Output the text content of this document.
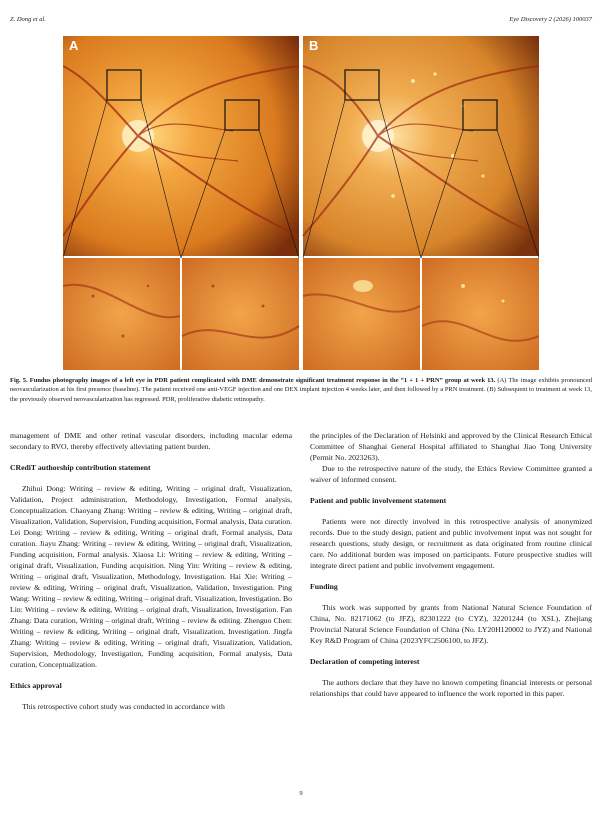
Z. Dong et al.	Eye Discovery 2 (2026) 100037
A	B
Fig. 5. Fundus photography images of a left eye in PDR patient complicated with DME demonstrate significant treatment response in the “1 + 1 + PRN” group at week 13. (A) The image exhibits pronounced neovascularization at his first presence (baseline). The patient received one anti-VEGF injection and one DEX implant injection 4 weeks later, and then followed by a PRN treatment. (B) Subsequent to treatment at week 13, the previously observed neovascularization has regressed. PDR, proliferative diabetic retinopathy.

management of DME and other retinal vascular disorders, including macular edema secondary to RVO, thereby effectively alleviating patient burden.

CRediT authorship contribution statement

Zhihui Dong: Writing – review & editing, Writing – original draft, Visualization, Validation, Project administration, Methodology, Investigation, Formal analysis, Conceptualization. Chaoyang Zhang: Writing – review & editing, Writing – original draft, Visualization, Validation, Supervision, Funding acquisition, Formal analysis, Data curation. Lei Dong: Writing – review & editing, Writing – original draft, Formal analysis, Data curation. Jiayu Zhang: Writing – review & editing, Writing – original draft, Visualization, Funding acquisition, Formal analysis. Xiaosa Li: Writing – review & editing, Writing – original draft, Visualization, Funding acquisition. Ning Yin: Writing – review & editing, Writing – original draft, Visualization, Methodology, Investigation. Hai Xie: Writing – review & editing, Writing – original draft, Visualization, Validation, Investigation. Ping Wang: Writing – review & editing, Writing – original draft, Visualization, Investigation. Bo Lin: Writing – review & editing, Writing – original draft, Visualization, Investigation. Fan Zhang: Data curation, Writing – original draft, Writing – review & editing. Zhenguo Chen: Writing – review & editing, Writing – original draft, Visualization, Investigation. Jingfa Zhang: Writing – review & editing, Writing – original draft, Visualization, Validation, Supervision, Methodology, Investigation, Funding acquisition, Formal analysis, Data curation, Conceptualization.

Ethics approval

This retrospective cohort study was conducted in accordance with

the principles of the Declaration of Helsinki and approved by the Clinical Research Ethical Committee of Shanghai General Hospital affiliated to Shanghai Jiao Tong University (Permit No. 2023263).

Due to the retrospective nature of the study, the Ethics Review Committee granted a waiver of informed consent.

Patient and public involvement statement

Patients were not directly involved in this retrospective analysis of anonymized records. Due to the study design, patient and public involvement input was not sought for research questions, study design, or recruitment as data originated from routine clinical care. No additional burden was imposed on participants. Future prospective studies will integrate direct patient and public involvement engagement.

Funding

This work was supported by grants from National Natural Science Foundation of China, No. 82171062 (to JFZ), 82301222 (to CYZ), 32201244 (to XSL), Zhejiang Provincial Natural Science Foundation of China (No. LY20H120002 to JYZ) and National Key R&D Program of China (2023YFC2506100, to JFZ).

Declaration of competing interest

The authors declare that they have no known competing financial interests or personal relationships that could have appeared to influence the work reported in this paper.

9
